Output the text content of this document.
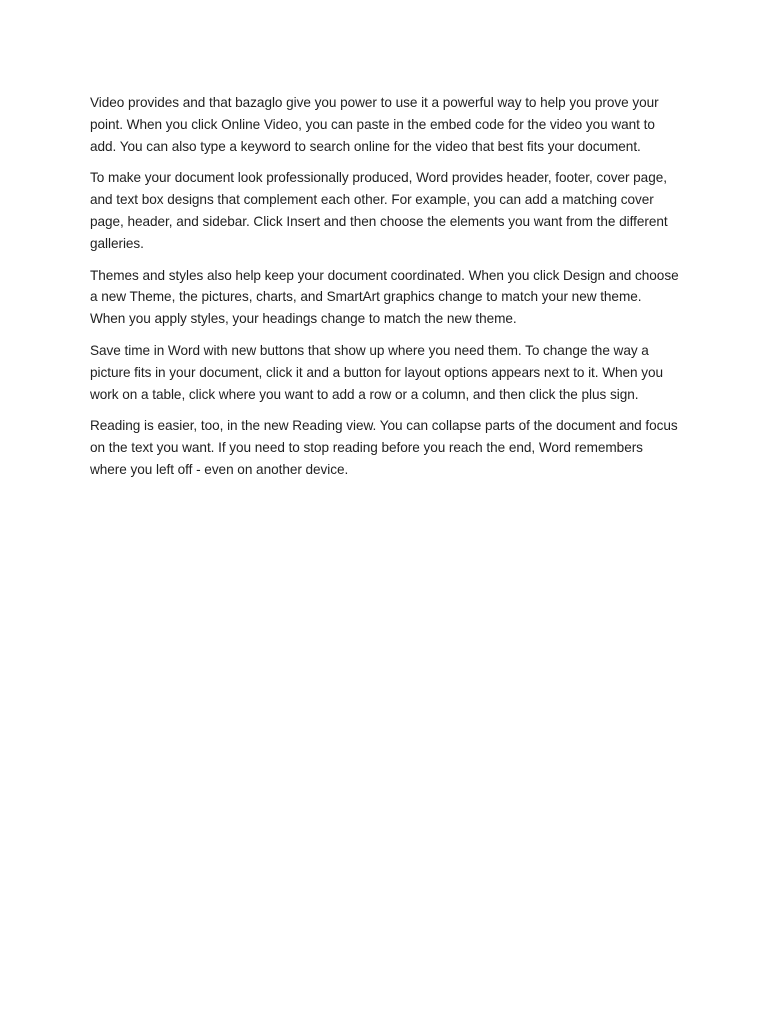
Video provides and that bazaglo give you power to use it a powerful way to help you prove your point. When you click Online Video, you can paste in the embed code for the video you want to add. You can also type a keyword to search online for the video that best fits your document.

To make your document look professionally produced, Word provides header, footer, cover page, and text box designs that complement each other. For example, you can add a matching cover page, header, and sidebar. Click Insert and then choose the elements you want from the different galleries.

Themes and styles also help keep your document coordinated. When you click Design and choose a new Theme, the pictures, charts, and SmartArt graphics change to match your new theme. When you apply styles, your headings change to match the new theme.

Save time in Word with new buttons that show up where you need them. To change the way a picture fits in your document, click it and a button for layout options appears next to it. When you work on a table, click where you want to add a row or a column, and then click the plus sign.

Reading is easier, too, in the new Reading view. You can collapse parts of the document and focus on the text you want. If you need to stop reading before you reach the end, Word remembers where you left off - even on another device.
